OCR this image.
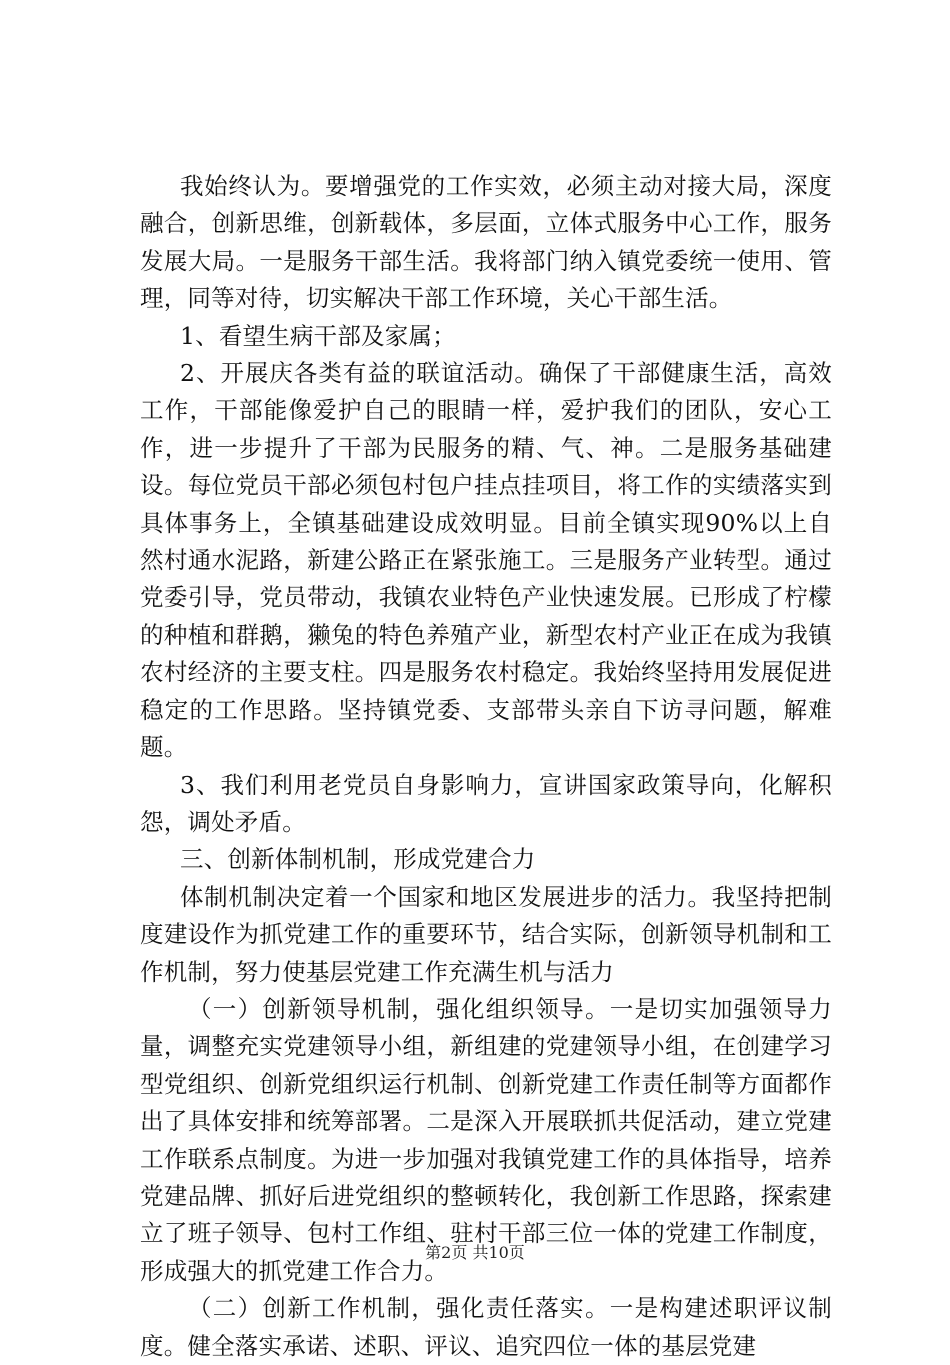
我始终认为。要增强党的工作实效，必须主动对接大局，深度融合，创新思维，创新载体，多层面，立体式服务中心工作，服务发展大局。一是服务干部生活。我将部门纳入镇党委统一使用、管理，同等对待，切实解决干部工作环境，关心干部生活。

1、看望生病干部及家属；

2、开展庆各类有益的联谊活动。确保了干部健康生活，高效工作，干部能像爱护自己的眼睛一样，爱护我们的团队，安心工作，进一步提升了干部为民服务的精、气、神。二是服务基础建设。每位党员干部必须包村包户挂点挂项目，将工作的实绩落实到具体事务上，全镇基础建设成效明显。目前全镇实现90%以上自然村通水泥路，新建公路正在紧张施工。三是服务产业转型。通过党委引导，党员带动，我镇农业特色产业快速发展。已形成了柠檬的种植和群鹅，獭兔的特色养殖产业，新型农村产业正在成为我镇农村经济的主要支柱。四是服务农村稳定。我始终坚持用发展促进稳定的工作思路。坚持镇党委、支部带头亲自下访寻问题，解难题。

3、我们利用老党员自身影响力，宣讲国家政策导向，化解积怨，调处矛盾。

三、创新体制机制，形成党建合力

体制机制决定着一个国家和地区发展进步的活力。我坚持把制度建设作为抓党建工作的重要环节，结合实际，创新领导机制和工作机制，努力使基层党建工作充满生机与活力

（一）创新领导机制，强化组织领导。一是切实加强领导力量，调整充实党建领导小组，新组建的党建领导小组，在创建学习型党组织、创新党组织运行机制、创新党建工作责任制等方面都作出了具体安排和统筹部署。二是深入开展联抓共促活动，建立党建工作联系点制度。为进一步加强对我镇党建工作的具体指导，培养党建品牌、抓好后进党组织的整顿转化，我创新工作思路，探索建立了班子领导、包村工作组、驻村干部三位一体的党建工作制度，形成强大的抓党建工作合力。

（二）创新工作机制，强化责任落实。一是构建述职评议制度。健全落实承诺、述职、评议、追究四位一体的基层党建

第2页 共10页
